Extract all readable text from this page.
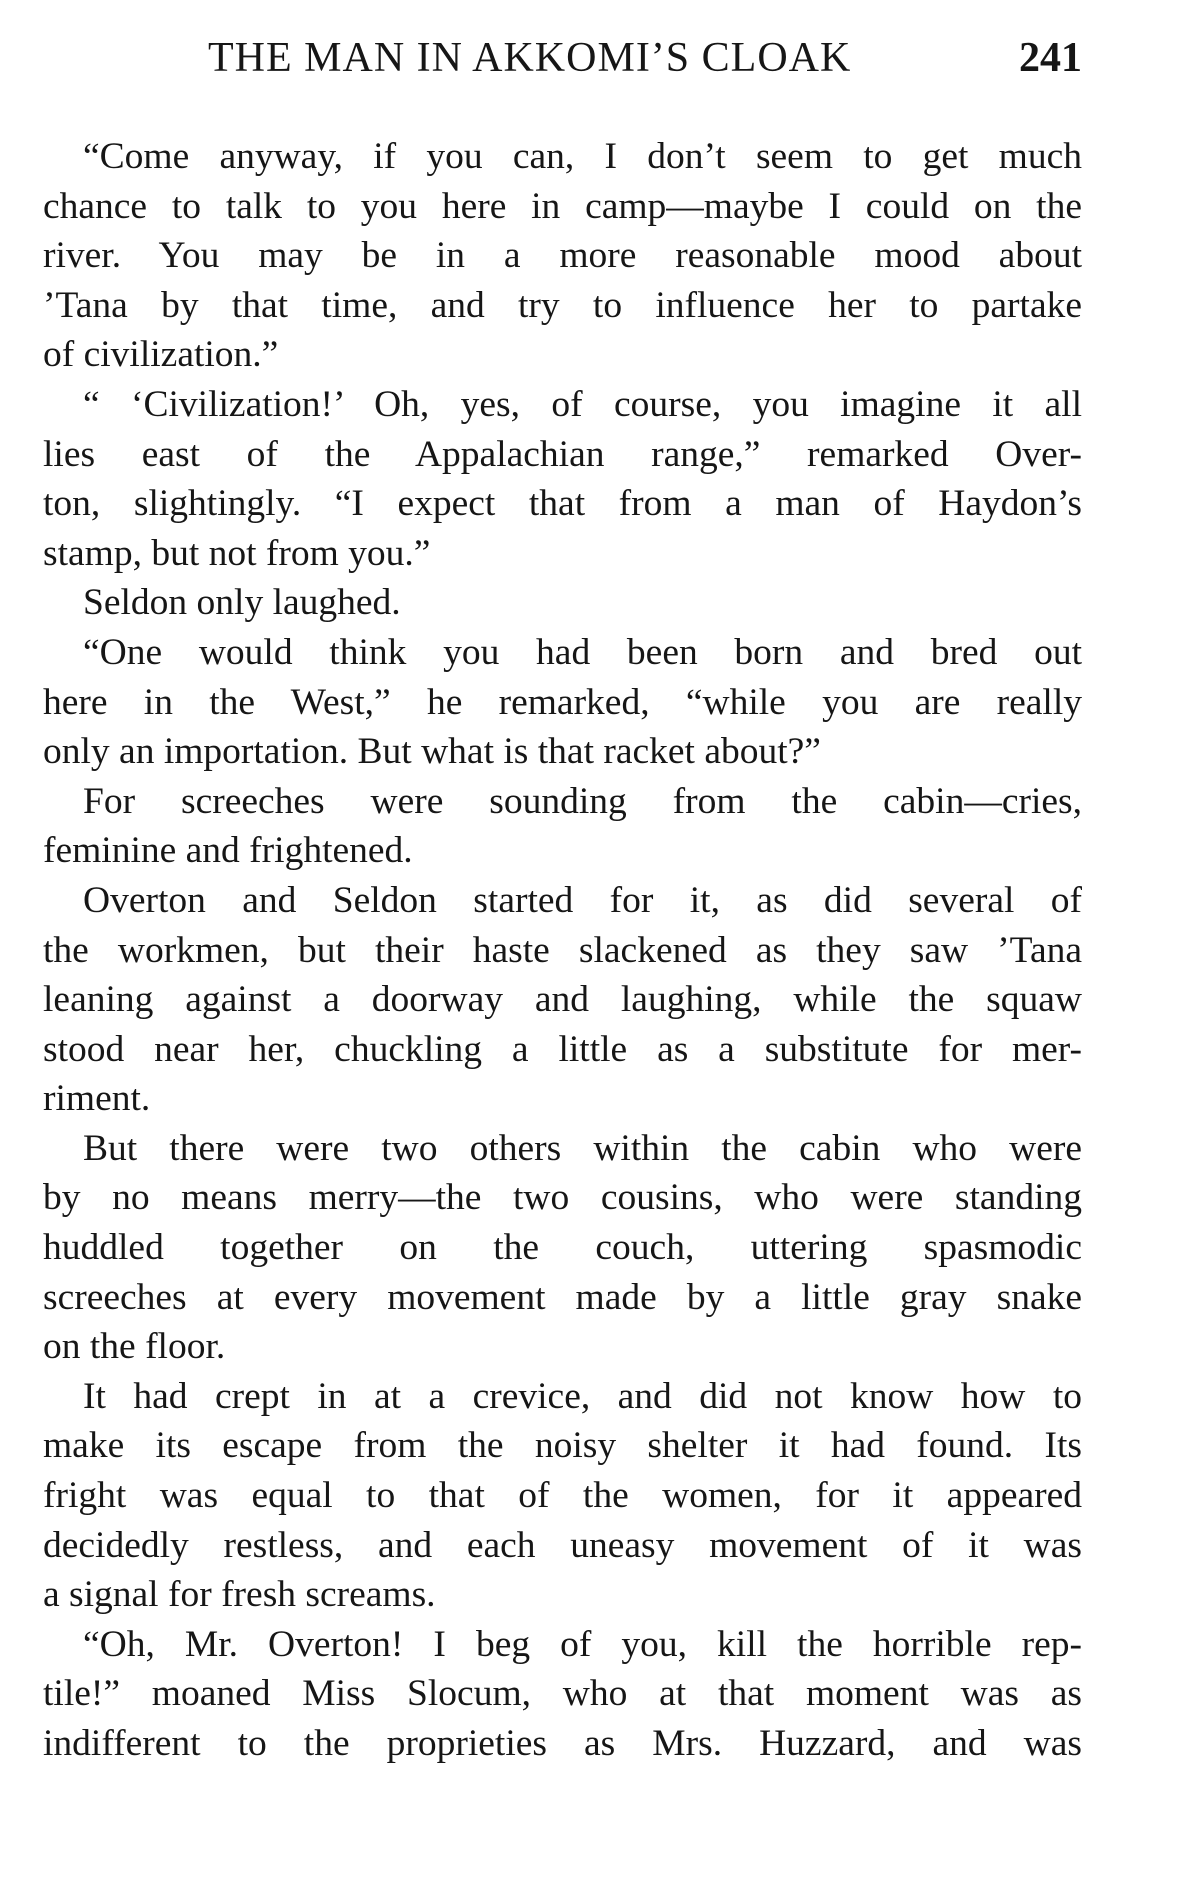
THE MAN IN AKKOMI’S CLOAK	241
“Come anyway, if you can, I don’t seem to get much
chance to talk to you here in camp—maybe I could on the
river. You may be in a more reasonable mood about
’Tana by that time, and try to influence her to partake
of civilization.”
“ ‘Civilization!’ Oh, yes, of course, you imagine it all
lies east of the Appalachian range,” remarked Over-
ton, slightingly. “I expect that from a man of Haydon’s
stamp, but not from you.”
Seldon only laughed.
“One would think you had been born and bred out
here in the West,” he remarked, “while you are really
only an importation. But what is that racket about?”
For screeches were sounding from the cabin—cries,
feminine and frightened.
Overton and Seldon started for it, as did several of
the workmen, but their haste slackened as they saw ’Tana
leaning against a doorway and laughing, while the squaw
stood near her, chuckling a little as a substitute for mer-
riment.
But there were two others within the cabin who were
by no means merry—the two cousins, who were standing
huddled together on the couch, uttering spasmodic
screeches at every movement made by a little gray snake
on the floor.
It had crept in at a crevice, and did not know how to
make its escape from the noisy shelter it had found. Its
fright was equal to that of the women, for it appeared
decidedly restless, and each uneasy movement of it was
a signal for fresh screams.
“Oh, Mr. Overton! I beg of you, kill the horrible rep-
tile!” moaned Miss Slocum, who at that moment was as
indifferent to the proprieties as Mrs. Huzzard, and was
